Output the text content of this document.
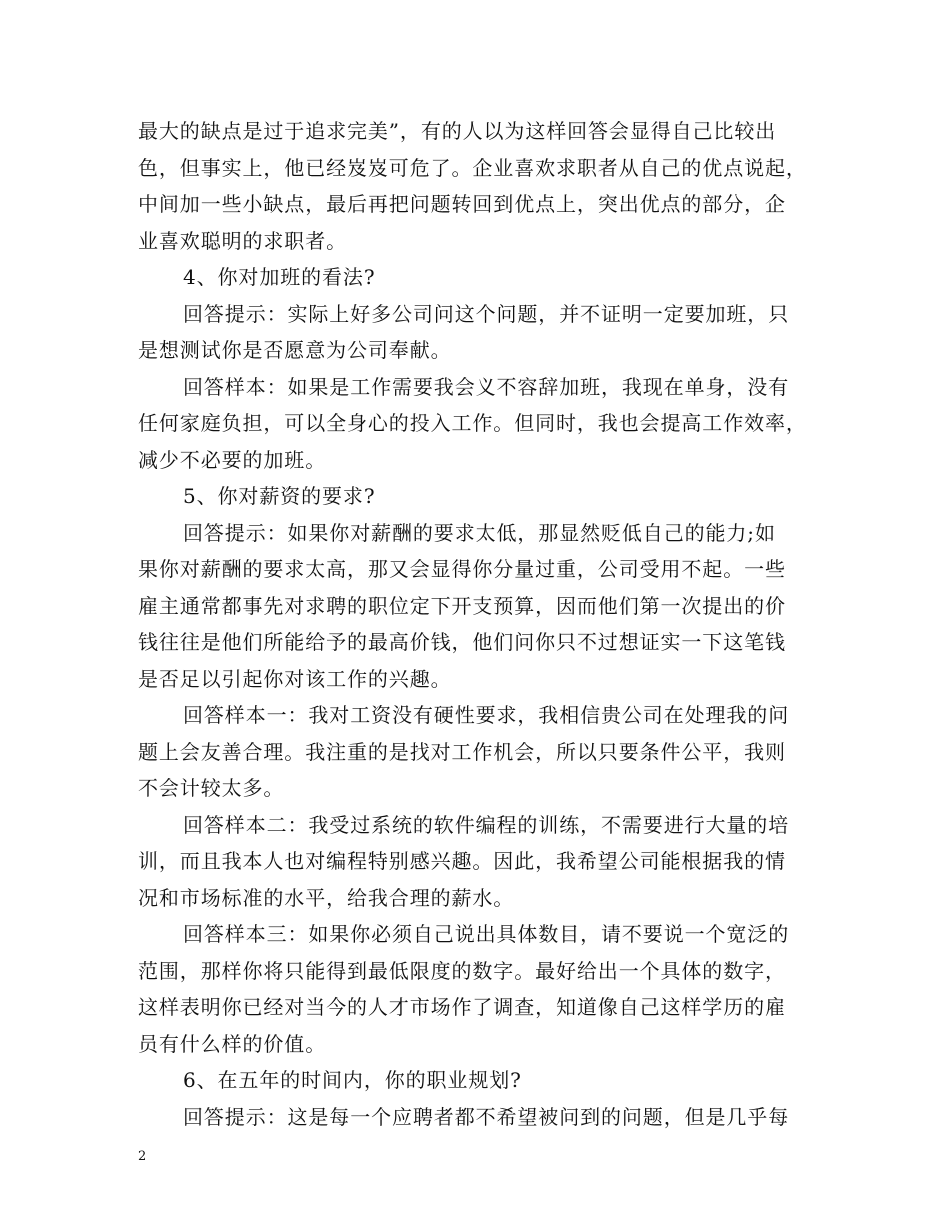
最大的缺点是过于追求完美”，有的人以为这样回答会显得自己比较出

色，但事实上，他已经岌岌可危了。企业喜欢求职者从自己的优点说起，

中间加一些小缺点，最后再把问题转回到优点上，突出优点的部分，企

业喜欢聪明的求职者。

4、你对加班的看法?

回答提示：实际上好多公司问这个问题，并不证明一定要加班，只

是想测试你是否愿意为公司奉献。

回答样本：如果是工作需要我会义不容辞加班，我现在单身，没有

任何家庭负担，可以全身心的投入工作。但同时，我也会提高工作效率，

减少不必要的加班。

5、你对薪资的要求?

回答提示：如果你对薪酬的要求太低，那显然贬低自己的能力;如

果你对薪酬的要求太高，那又会显得你分量过重，公司受用不起。一些

雇主通常都事先对求聘的职位定下开支预算，因而他们第一次提出的价

钱往往是他们所能给予的最高价钱，他们问你只不过想证实一下这笔钱

是否足以引起你对该工作的兴趣。

回答样本一：我对工资没有硬性要求，我相信贵公司在处理我的问

题上会友善合理。我注重的是找对工作机会，所以只要条件公平，我则

不会计较太多。

回答样本二：我受过系统的软件编程的训练，不需要进行大量的培

训，而且我本人也对编程特别感兴趣。因此，我希望公司能根据我的情

况和市场标准的水平，给我合理的薪水。

回答样本三：如果你必须自己说出具体数目，请不要说一个宽泛的

范围，那样你将只能得到最低限度的数字。最好给出一个具体的数字，

这样表明你已经对当今的人才市场作了调查，知道像自己这样学历的雇

员有什么样的价值。

6、在五年的时间内，你的职业规划?

回答提示：这是每一个应聘者都不希望被问到的问题，但是几乎每

2
